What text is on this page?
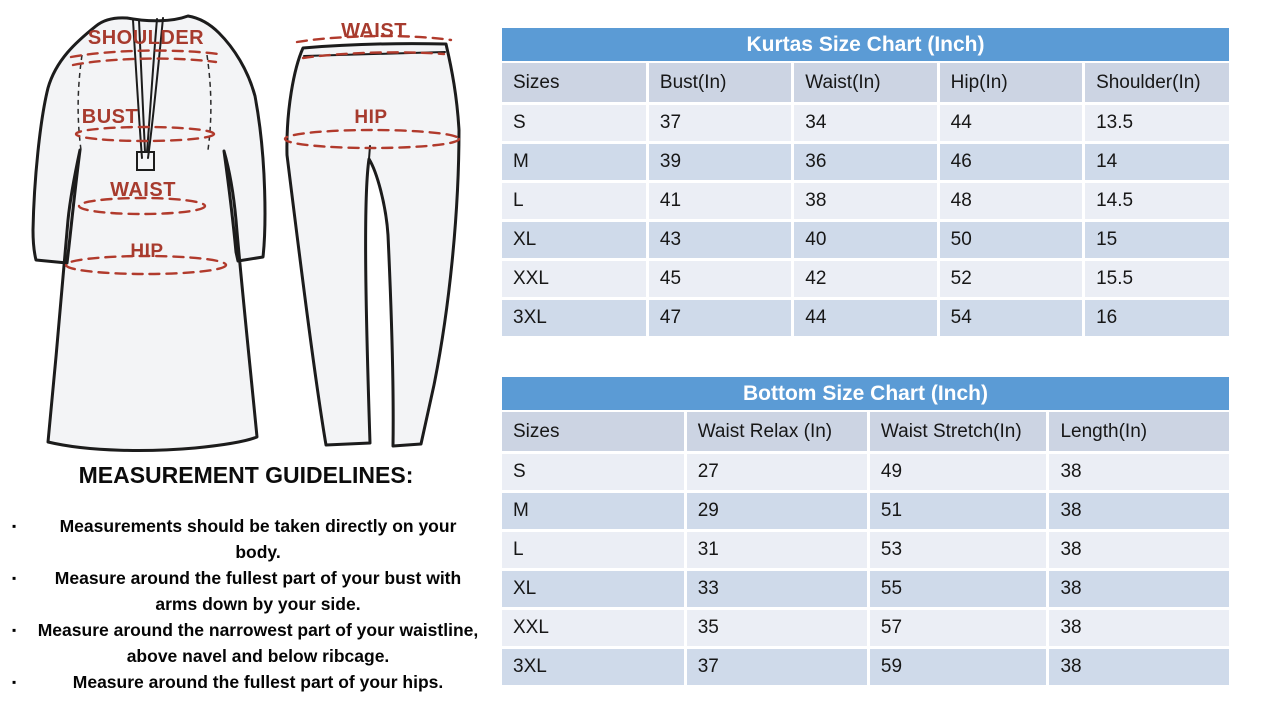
SHOULDER
BUST
WAIST
HIP
WAIST
HIP
MEASUREMENT GUIDELINES:
▪
Measurements should be taken directly on your body.
▪
Measure around the fullest part of your bust with arms down by your side.
▪
Measure around the narrowest part of your waistline, above navel and below ribcage.
▪
Measure around the fullest part of your hips.
Kurtas Size Chart (Inch)
Sizes	Bust(In)	Waist(In)	Hip(In)	Shoulder(In)
S	37	34	44	13.5
M	39	36	46	14
L	41	38	48	14.5
XL	43	40	50	15
XXL	45	42	52	15.5
3XL	47	44	54	16
Bottom Size Chart (Inch)
Sizes	Waist Relax (In)	Waist Stretch(In)	Length(In)
S	27	49	38
M	29	51	38
L	31	53	38
XL	33	55	38
XXL	35	57	38
3XL	37	59	38
